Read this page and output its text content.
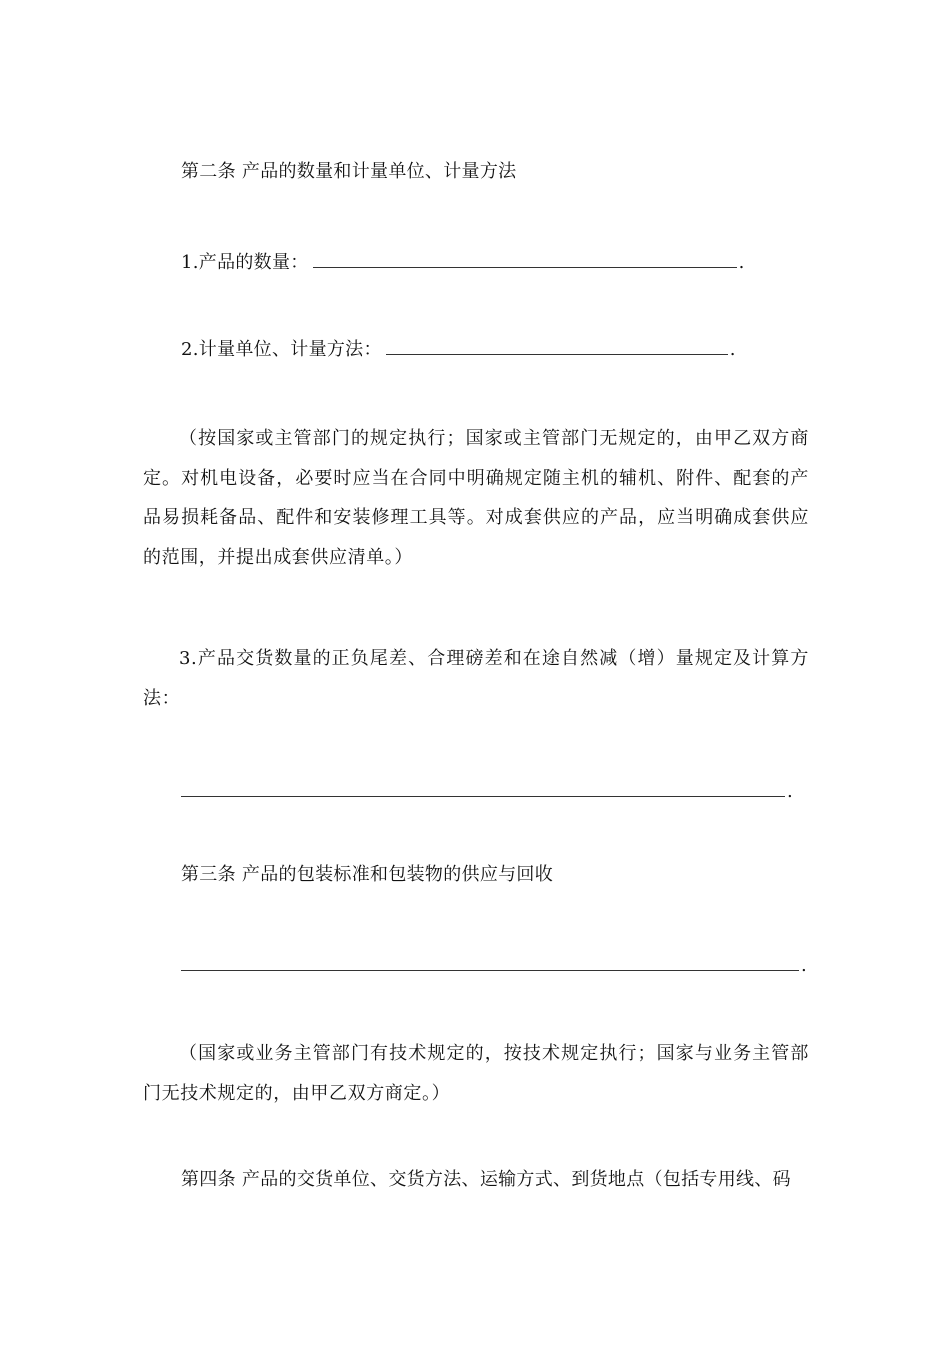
第二条 产品的数量和计量单位、计量方法
1.产品的数量：	.
2.计量单位、计量方法：	.
（按国家或主管部门的规定执行；国家或主管部门无规定的，由甲乙双方商定。对机电设备，必要时应当在合同中明确规定随主机的辅机、附件、配套的产品易损耗备品、配件和安装修理工具等。对成套供应的产品，应当明确成套供应的范围，并提出成套供应清单。）
3.产品交货数量的正负尾差、合理磅差和在途自然减（增）量规定及计算方法：
.
第三条 产品的包装标准和包装物的供应与回收
.
（国家或业务主管部门有技术规定的，按技术规定执行；国家与业务主管部门无技术规定的，由甲乙双方商定。）
第四条 产品的交货单位、交货方法、运输方式、到货地点（包括专用线、码
